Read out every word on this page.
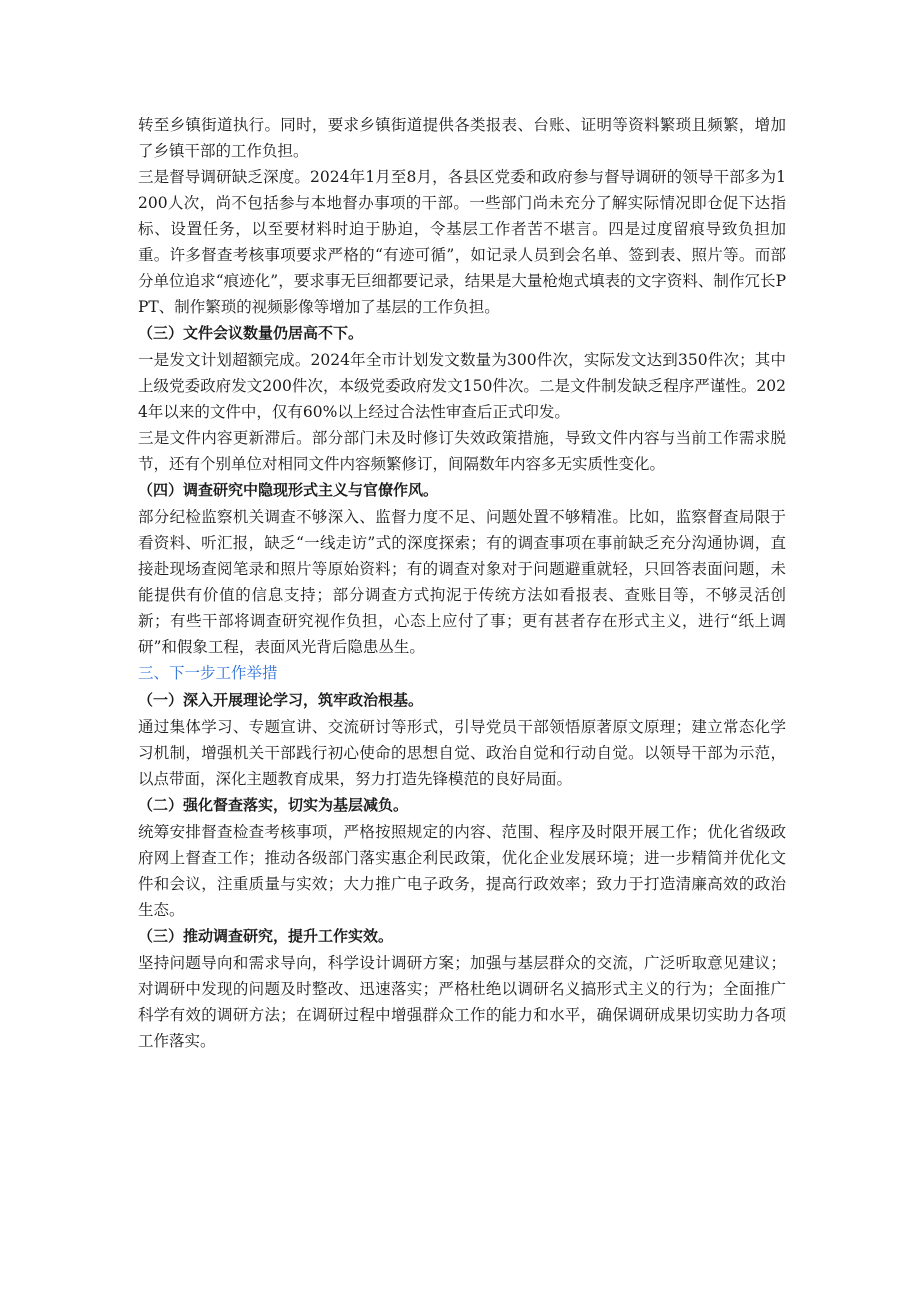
转至乡镇街道执行。同时，要求乡镇街道提供各类报表、台账、证明等资料繁琐且频繁，增加了乡镇干部的工作负担。

三是督导调研缺乏深度。2024年1月至8月，各县区党委和政府参与督导调研的领导干部多为1200人次，尚不包括参与本地督办事项的干部。一些部门尚未充分了解实际情况即仓促下达指标、设置任务，以至要材料时迫于胁迫，令基层工作者苦不堪言。四是过度留痕导致负担加重。许多督查考核事项要求严格的“有迹可循”，如记录人员到会名单、签到表、照片等。而部分单位追求“痕迹化”，要求事无巨细都要记录，结果是大量枪炮式填表的文字资料、制作冗长PPT、制作繁琐的视频影像等增加了基层的工作负担。

（三）文件会议数量仍居高不下。

一是发文计划超额完成。2024年全市计划发文数量为300件次，实际发文达到350件次；其中上级党委政府发文200件次，本级党委政府发文150件次。二是文件制发缺乏程序严谨性。2024年以来的文件中，仅有60%以上经过合法性审查后正式印发。

三是文件内容更新滞后。部分部门未及时修订失效政策措施，导致文件内容与当前工作需求脱节，还有个别单位对相同文件内容频繁修订，间隔数年内容多无实质性变化。

（四）调查研究中隐现形式主义与官僚作风。

部分纪检监察机关调查不够深入、监督力度不足、问题处置不够精准。比如，监察督查局限于看资料、听汇报，缺乏“一线走访”式的深度探索；有的调查事项在事前缺乏充分沟通协调，直接赴现场查阅笔录和照片等原始资料；有的调查对象对于问题避重就轻，只回答表面问题，未能提供有价值的信息支持；部分调查方式拘泥于传统方法如看报表、查账目等，不够灵活创新；有些干部将调查研究视作负担，心态上应付了事；更有甚者存在形式主义，进行“纸上调研”和假象工程，表面风光背后隐患丛生。

三、下一步工作举措

（一）深入开展理论学习，筑牢政治根基。

通过集体学习、专题宣讲、交流研讨等形式，引导党员干部领悟原著原文原理；建立常态化学习机制，增强机关干部践行初心使命的思想自觉、政治自觉和行动自觉。以领导干部为示范，以点带面，深化主题教育成果，努力打造先锋模范的良好局面。

（二）强化督查落实，切实为基层减负。

统筹安排督查检查考核事项，严格按照规定的内容、范围、程序及时限开展工作；优化省级政府网上督查工作；推动各级部门落实惠企利民政策，优化企业发展环境；进一步精简并优化文件和会议，注重质量与实效；大力推广电子政务，提高行政效率；致力于打造清廉高效的政治生态。

（三）推动调查研究，提升工作实效。

坚持问题导向和需求导向，科学设计调研方案；加强与基层群众的交流，广泛听取意见建议；对调研中发现的问题及时整改、迅速落实；严格杜绝以调研名义搞形式主义的行为；全面推广科学有效的调研方法；在调研过程中增强群众工作的能力和水平，确保调研成果切实助力各项工作落实。
